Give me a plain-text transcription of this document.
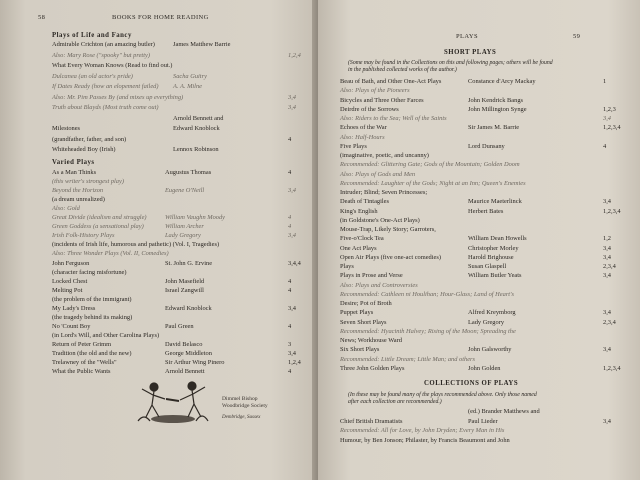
58	BOOKS FOR HOME READING
Plays of Life and Fancy
Admirable Crichton (an amazing butler)	James Matthew Barrie
Also: Mary Rose ("spooky" but pretty)	1,2,4
What Every Woman Knows (Read to find out.)
Dulcanea (an old actor's pride)	Sacha Guitry
If Dates Ready (how an elopement failed) A. A. Milne
Also: Mr. Pim Passes By (and mixes up everything)	3,4
Truth about Blayds (Most truth come out)	3,4
Arnold Bennett and
Milestones	Edward Knoblock
(grandfather, father, and son)	4
Whiteheaded Boy (Irish)	Lennox Robinson
Varied Plays
As a Man Thinks	Augustus Thomas	4
(this writer's strongest play)
Beyond the Horizon	Eugene O'Neill	3,4
(a dream unrealized)
Also: Gold
Great Divide (idealism and struggle)	William Vaughn Moody	4
Green Goddess (a sensational play)	William Archer	4
Irish Folk-History Plays	Lady Gregory	3,4
(incidents of Irish life, humorous and pathetic) (Vol. I, Tragedies)
Also: Three Wonder Plays (Vol. II, Comedies)
John Ferguson	St. John G. Ervine	3,4,4
(character facing misfortune)
Locked Chest	John Masefield	4
Melting Pot	Israel Zangwill	4
(the problem of the immigrant)
My Lady's Dress	Edward Knoblock	3,4
(the tragedy behind its making)
No 'Count Boy	Paul Green	4
(in Lord's Will, and Other Carolina Plays)
Return of Peter Grimm	David Belasco	3
Tradition (the old and the new)	George Middleton	3,4
Trelawney of the "Wells"	Sir Arthur Wing Pinero	1,2,4
What the Public Wants	Arnold Bennett	4
Dimmel Bishop
Woodbridge Society
Dembridge, Sussex
PLAYS	59
SHORT PLAYS
(Some may be found in the Collections on this and following pages; others will be found
in the published collected works of the author.)
Beau of Bath, and Other One-Act Plays	Constance d'Arcy Mackay	1
Also: Plays of the Pioneers
Bicycles and Three Other Farces	John Kendrick Bangs
Deirdre of the Sorrows	John Millington Synge	1,2,3
Also: Riders to the Sea; Well of the Saints	3,4
Echoes of the War	Sir James M. Barrie	1,2,3,4
Also: Half-Hours
Five Plays	Lord Dunsany	4
(imaginative, poetic, and uncanny)
Recommended: Glittering Gate; Gods of the Mountain; Golden Doom
Also: Plays of Gods and Men
Recommended: Laughter of the Gods; Night at an Inn; Queen's Enemies
Intruder; Blind; Seven Princesses;
Death of Tintagiles	Maurice Maeterlinck	3,4
King's English	Herbert Bates	1,2,3,4
(in Goldstone's One-Act Plays)
Mouse-Trap, Likely Story; Garroters,
Five-o'Clock Tea	William Dean Howells	1,2
One Act Plays	Christopher Morley	3,4
Open Air Plays (five one-act comedies)	Harold Brighouse	3,4
Plays	Susan Glaspell	2,3,4
Plays in Prose and Verse	William Butler Yeats	3,4
Also: Plays and Controversies
Recommended: Cathleen ni Houlihan; Hour-Glass; Land of Heart's
Desire; Pot of Broth
Puppet Plays	Alfred Kreymborg	3,4
Seven Short Plays	Lady Gregory	2,3,4
Recommended: Hyacinth Halvey; Rising of the Moon; Spreading the
News; Workhouse Ward
Six Short Plays	John Galsworthy	3,4
Recommended: Little Dream; Little Man; and others
Three John Golden Plays	John Golden	1,2,3,4
COLLECTIONS OF PLAYS
(In these may be found many of the plays recommended above. Only those named
after each collection are recommended.)
(ed.) Brander Matthews and
Chief British Dramatists	Paul Lieder	3,4
Recommended: All for Love, by John Dryden; Every Man in His
Humour, by Ben Jonson; Philaster, by Francis Beaumont and John
